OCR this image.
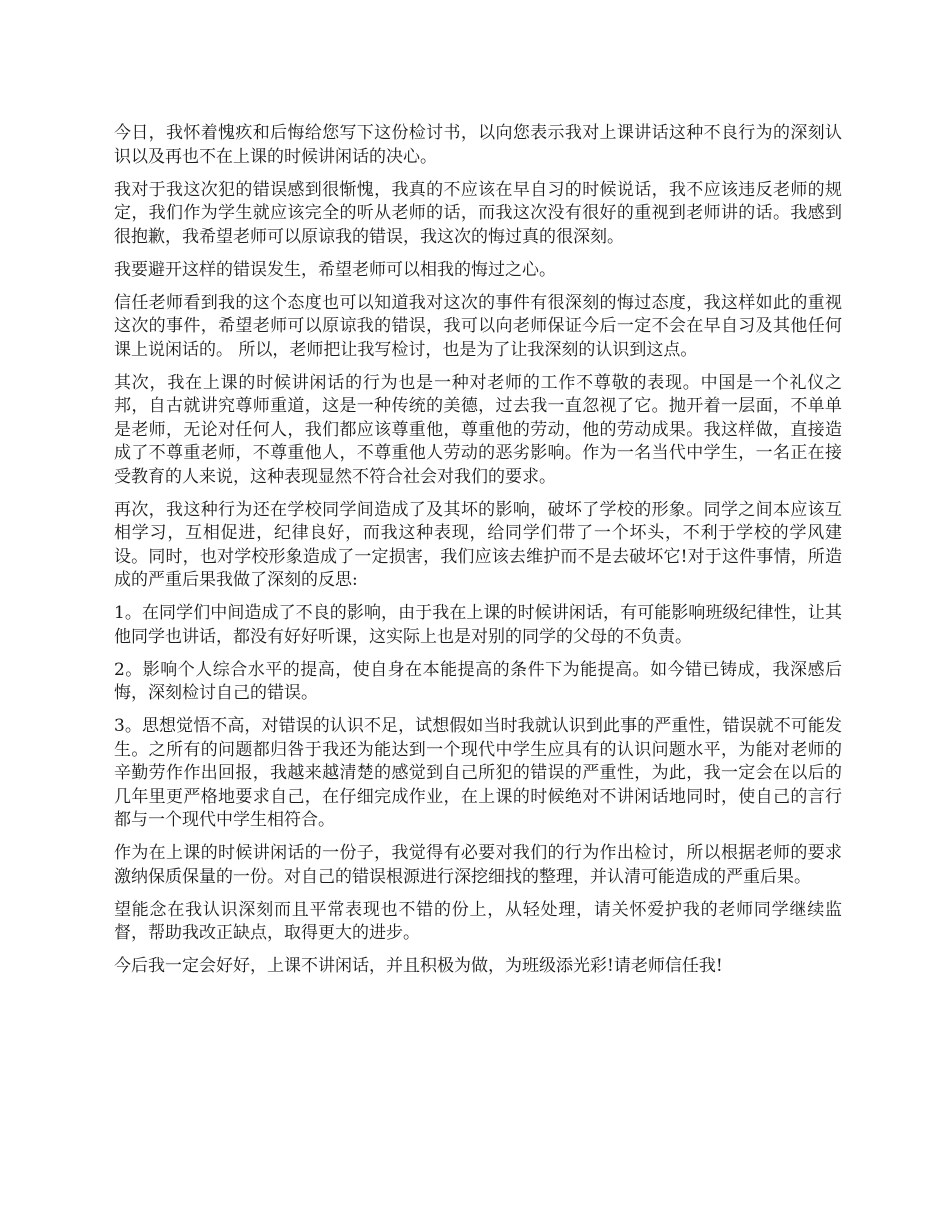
今日，我怀着愧疚和后悔给您写下这份检讨书，以向您表示我对上课讲话这种不良行为的深刻认识以及再也不在上课的时候讲闲话的决心。

我对于我这次犯的错误感到很惭愧，我真的不应该在早自习的时候说话，我不应该违反老师的规定，我们作为学生就应该完全的听从老师的话，而我这次没有很好的重视到老师讲的话。我感到很抱歉，我希望老师可以原谅我的错误，我这次的悔过真的很深刻。

我要避开这样的错误发生，希望老师可以相我的悔过之心。

信任老师看到我的这个态度也可以知道我对这次的事件有很深刻的悔过态度，我这样如此的重视这次的事件，希望老师可以原谅我的错误，我可以向老师保证今后一定不会在早自习及其他任何课上说闲话的。 所以，老师把让我写检讨，也是为了让我深刻的认识到这点。

其次，我在上课的时候讲闲话的行为也是一种对老师的工作不尊敬的表现。中国是一个礼仪之邦，自古就讲究尊师重道，这是一种传统的美德，过去我一直忽视了它。抛开着一层面，不单单是老师，无论对任何人，我们都应该尊重他，尊重他的劳动，他的劳动成果。我这样做，直接造成了不尊重老师，不尊重他人，不尊重他人劳动的恶劣影响。作为一名当代中学生，一名正在接受教育的人来说，这种表现显然不符合社会对我们的要求。

再次，我这种行为还在学校同学间造成了及其坏的影响，破坏了学校的形象。同学之间本应该互相学习，互相促进，纪律良好，而我这种表现，给同学们带了一个坏头，不利于学校的学风建设。同时，也对学校形象造成了一定损害，我们应该去维护而不是去破坏它!对于这件事情，所造成的严重后果我做了深刻的反思:

1。在同学们中间造成了不良的影响，由于我在上课的时候讲闲话，有可能影响班级纪律性，让其他同学也讲话，都没有好好听课，这实际上也是对别的同学的父母的不负责。

2。影响个人综合水平的提高，使自身在本能提高的条件下为能提高。如今错已铸成，我深感后悔，深刻检讨自己的错误。

3。思想觉悟不高，对错误的认识不足，试想假如当时我就认识到此事的严重性，错误就不可能发生。之所有的问题都归咎于我还为能达到一个现代中学生应具有的认识问题水平，为能对老师的辛勤劳作作出回报，我越来越清楚的感觉到自己所犯的错误的严重性，为此，我一定会在以后的几年里更严格地要求自己，在仔细完成作业，在上课的时候绝对不讲闲话地同时，使自己的言行都与一个现代中学生相符合。

作为在上课的时候讲闲话的一份子，我觉得有必要对我们的行为作出检讨，所以根据老师的要求激纳保质保量的一份。对自己的错误根源进行深挖细找的整理，并认清可能造成的严重后果。

望能念在我认识深刻而且平常表现也不错的份上，从轻处理，请关怀爱护我的老师同学继续监督，帮助我改正缺点，取得更大的进步。

今后我一定会好好，上课不讲闲话，并且积极为做，为班级添光彩!请老师信任我!
